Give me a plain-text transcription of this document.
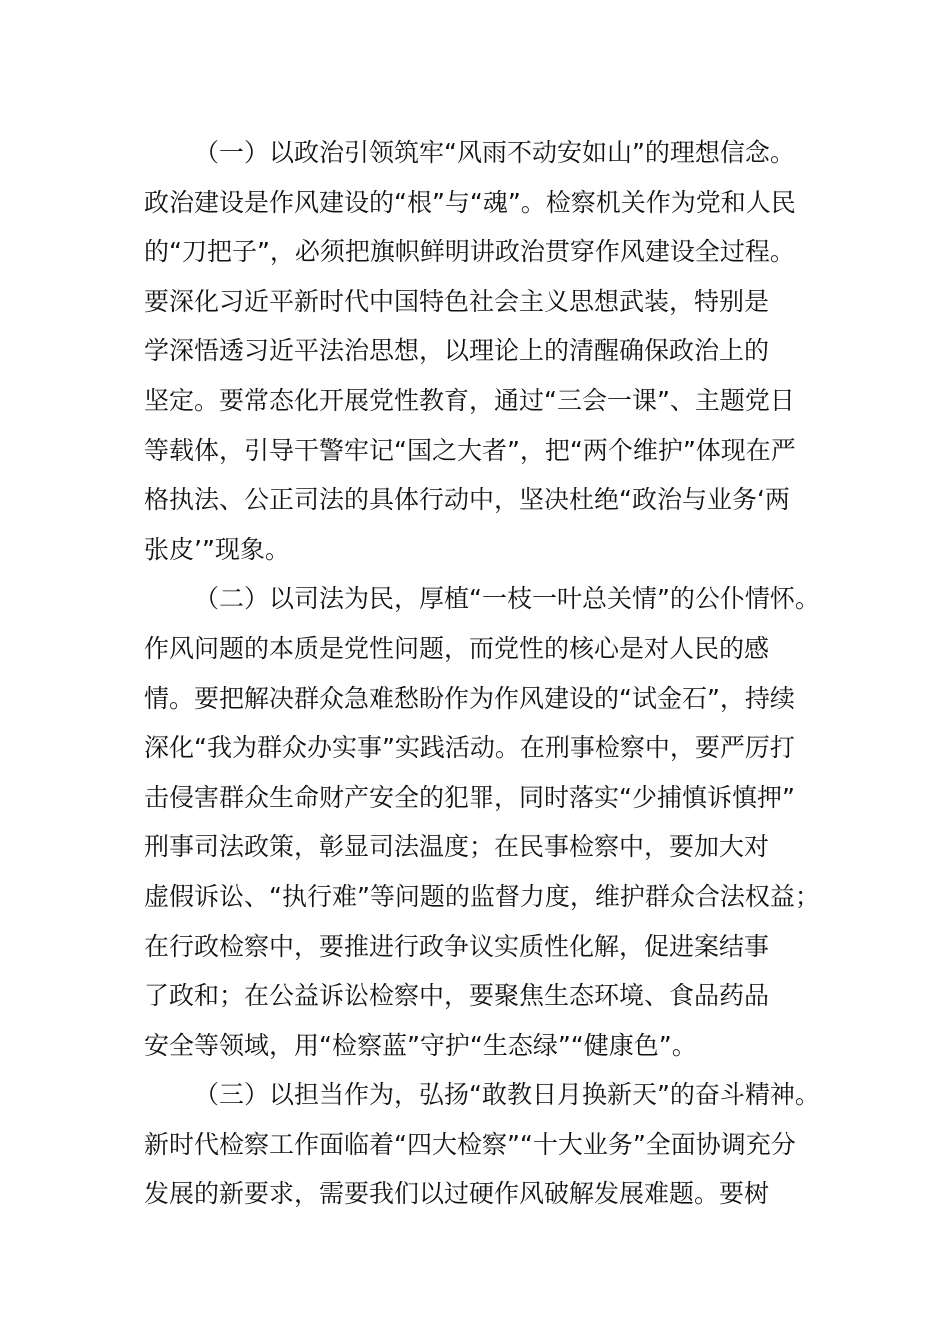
（一）以政治引领筑牢“风雨不动安如山”的理想信念。
政治建设是作风建设的“根”与“魂”。检察机关作为党和人民
的“刀把子”，必须把旗帜鲜明讲政治贯穿作风建设全过程。
要深化习近平新时代中国特色社会主义思想武装，特别是
学深悟透习近平法治思想，以理论上的清醒确保政治上的
坚定。要常态化开展党性教育，通过“三会一课”、主题党日
等载体，引导干警牢记“国之大者”，把“两个维护”体现在严
格执法、公正司法的具体行动中，坚决杜绝“政治与业务‘两
张皮’”现象。
（二）以司法为民，厚植“一枝一叶总关情”的公仆情怀。
作风问题的本质是党性问题，而党性的核心是对人民的感
情。要把解决群众急难愁盼作为作风建设的“试金石”，持续
深化“我为群众办实事”实践活动。在刑事检察中，要严厉打
击侵害群众生命财产安全的犯罪，同时落实“少捕慎诉慎押”
刑事司法政策，彰显司法温度；在民事检察中，要加大对
虚假诉讼、“执行难”等问题的监督力度，维护群众合法权益；
在行政检察中，要推进行政争议实质性化解，促进案结事
了政和；在公益诉讼检察中，要聚焦生态环境、食品药品
安全等领域，用“检察蓝”守护“生态绿”“健康色”。
（三）以担当作为，弘扬“敢教日月换新天”的奋斗精神。
新时代检察工作面临着“四大检察”“十大业务”全面协调充分
发展的新要求，需要我们以过硬作风破解发展难题。要树
